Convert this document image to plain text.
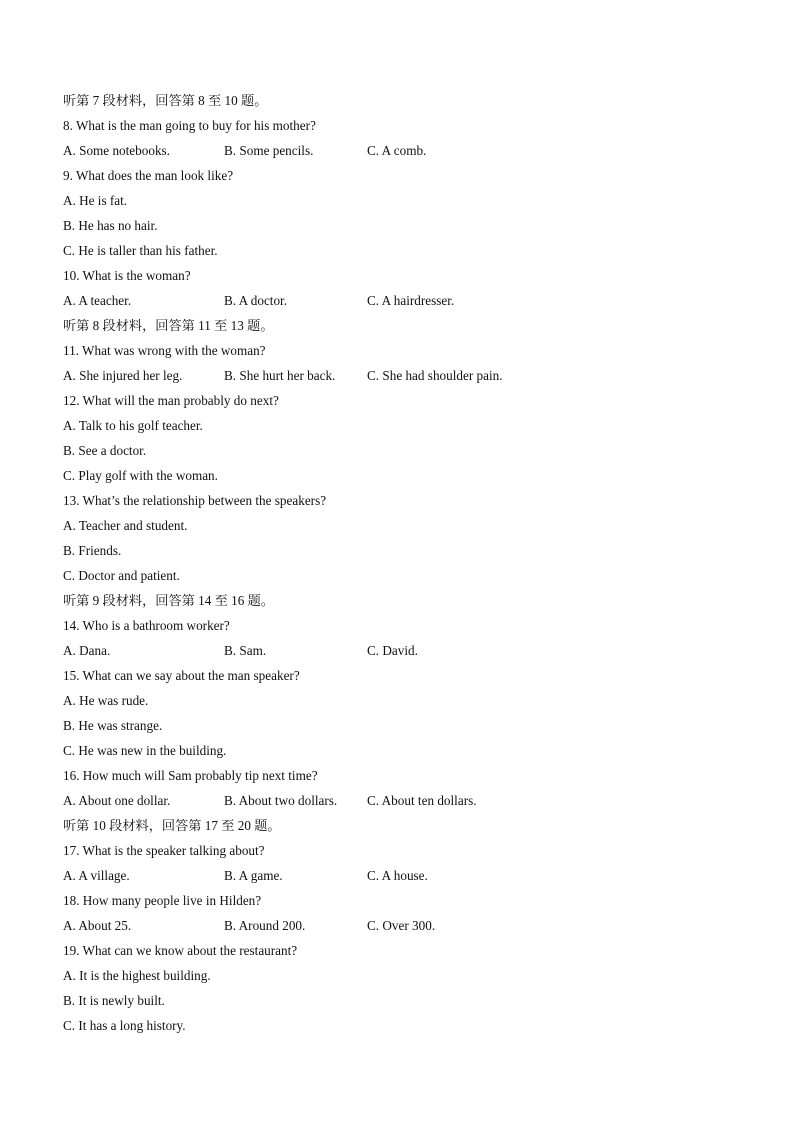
听第 7 段材料，回答第 8 至 10 题。
8. What is the man going to buy for his mother?
A. Some notebooks.	B. Some pencils.	C. A comb.
9. What does the man look like?
A. He is fat.
B. He has no hair.
C. He is taller than his father.
10. What is the woman?
A. A teacher.	B. A doctor.	C. A hairdresser.
听第 8 段材料，回答第 11 至 13 题。
11. What was wrong with the woman?
A. She injured her leg.	B. She hurt her back. C. She had shoulder pain.
12. What will the man probably do next?
A. Talk to his golf teacher.
B. See a doctor.
C. Play golf with the woman.
13. What’s the relationship between the speakers?
A. Teacher and student.
B. Friends.
C. Doctor and patient.
听第 9 段材料，回答第 14 至 16 题。
14. Who is a bathroom worker?
A. Dana.	B. Sam.	C. David.
15. What can we say about the man speaker?
A. He was rude.
B. He was strange.
C. He was new in the building.
16. How much will Sam probably tip next time?
A. About one dollar.	B. About two dollars. C. About ten dollars.
听第 10 段材料，回答第 17 至 20 题。
17. What is the speaker talking about?
A. A village.	B. A game.	C. A house.
18. How many people live in Hilden?
A. About 25.	B. Around 200.	C. Over 300.
19. What can we know about the restaurant?
A. It is the highest building.
B. It is newly built.
C. It has a long history.
